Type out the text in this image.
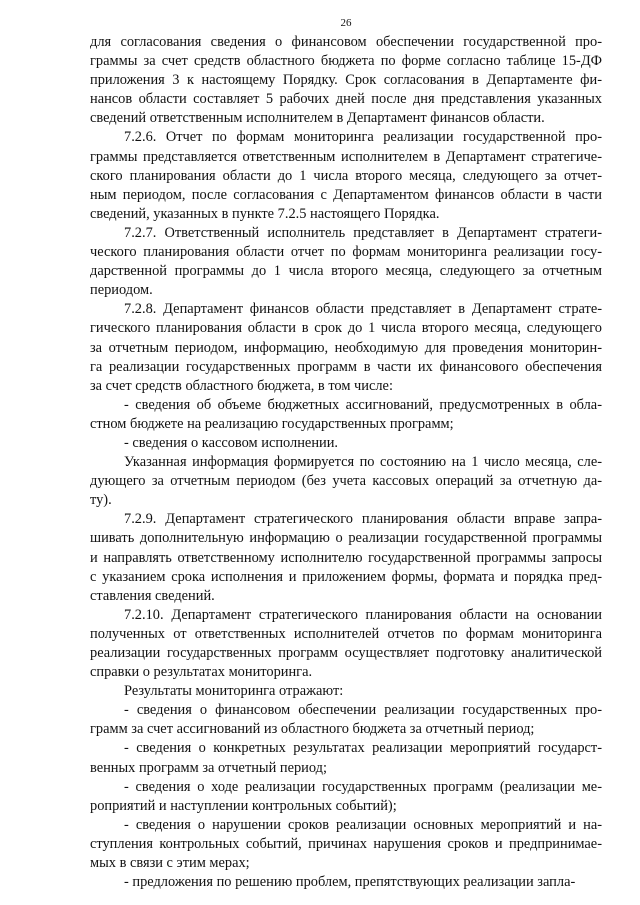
26
для согласования сведения о финансовом обеспечении государственной про-
граммы за счет средств областного бюджета по форме согласно таблице 15-ДФ
приложения 3 к настоящему Порядку. Срок согласования в Департаменте фи-
нансов области составляет 5 рабочих дней после дня представления указанных
сведений ответственным исполнителем в Департамент финансов области.
7.2.6. Отчет по формам мониторинга реализации государственной про-
граммы представляется ответственным исполнителем в Департамент стратегиче-
ского планирования области до 1 числа второго месяца, следующего за отчет-
ным периодом, после согласования с Департаментом финансов области в части
сведений, указанных в пункте 7.2.5 настоящего Порядка.
7.2.7. Ответственный исполнитель представляет в Департамент стратеги-
ческого планирования области отчет по формам мониторинга реализации госу-
дарственной программы до 1 числа второго месяца, следующего за отчетным
периодом.
7.2.8. Департамент финансов области представляет в Департамент страте-
гического планирования области в срок до 1 числа второго месяца, следующего
за отчетным периодом, информацию, необходимую для проведения мониторин-
га реализации государственных программ в части их финансового обеспечения
за счет средств областного бюджета, в том числе:
- сведения об объеме бюджетных ассигнований, предусмотренных в обла-
стном бюджете на реализацию государственных программ;
- сведения о кассовом исполнении.
Указанная информация формируется по состоянию на 1 число месяца, сле-
дующего за отчетным периодом (без учета кассовых операций за отчетную да-
ту).
7.2.9. Департамент стратегического планирования области вправе запра-
шивать дополнительную информацию о реализации государственной программы
и направлять ответственному исполнителю государственной программы запросы
с указанием срока исполнения и приложением формы, формата и порядка пред-
ставления сведений.
7.2.10. Департамент стратегического планирования области на основании
полученных от ответственных исполнителей отчетов по формам мониторинга
реализации государственных программ осуществляет подготовку аналитической
справки о результатах мониторинга.
Результаты мониторинга отражают:
- сведения о финансовом обеспечении реализации государственных про-
грамм за счет ассигнований из областного бюджета за отчетный период;
- сведения о конкретных результатах реализации мероприятий государст-
венных программ за отчетный период;
- сведения о ходе реализации государственных программ (реализации ме-
роприятий и наступлении контрольных событий);
- сведения о нарушении сроков реализации основных мероприятий и на-
ступления контрольных событий, причинах нарушения сроков и предпринимае-
мых в связи с этим мерах;
- предложения по решению проблем, препятствующих реализации запла-
